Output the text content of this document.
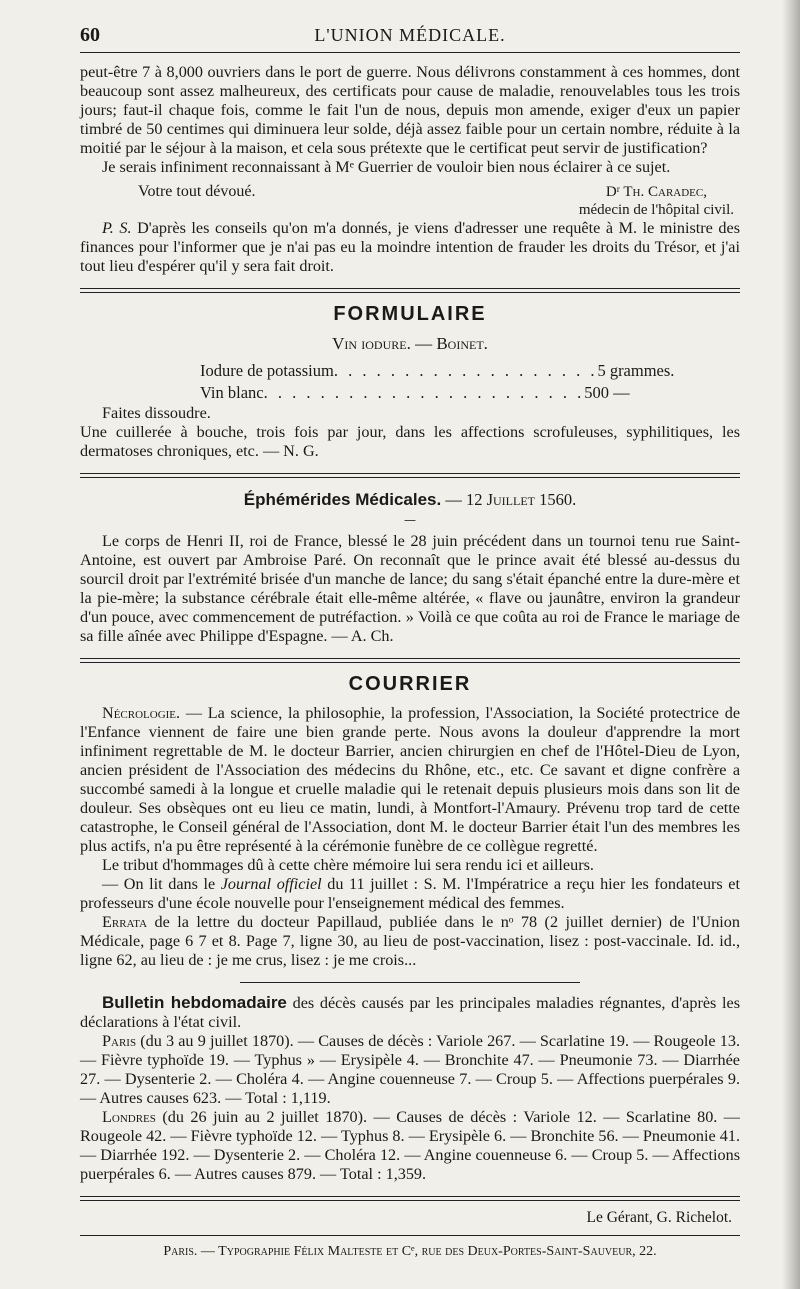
60	L'UNION MÉDICALE.

peut-être 7 à 8,000 ouvriers dans le port de guerre. Nous délivrons constamment à ces hommes, dont beaucoup sont assez malheureux, des certificats pour cause de maladie, renouvelables tous les trois jours; faut-il chaque fois, comme le fait l'un de nous, depuis mon amende, exiger d'eux un papier timbré de 50 centimes qui diminuera leur solde, déjà assez faible pour un certain nombre, réduite à la moitié par le séjour à la maison, et cela sous prétexte que le certificat peut servir de justification?

Je serais infiniment reconnaissant à Mᵉ Guerrier de vouloir bien nous éclairer à ce sujet.

Votre tout dévoué.	Dʳ Th. Caradec,
médecin de l'hôpital civil.

P. S. D'après les conseils qu'on m'a donnés, je viens d'adresser une requête à M. le ministre des finances pour l'informer que je n'ai pas eu la moindre intention de frauder les droits du Trésor, et j'ai tout lieu d'espérer qu'il y sera fait droit.

FORMULAIRE
Vin iodure. — Boinet.
Iodure de potassium . . . . . . . . . . . . . . . . . . . 5 grammes.
Vin blanc . . . . . . . . . . . . . . . . . . . . . . . 500 —
Faites dissoudre.

Une cuillerée à bouche, trois fois par jour, dans les affections scrofuleuses, syphilitiques, les dermatoses chroniques, etc. — N. G.

Éphémérides Médicales. — 12 Juillet 1560.
—

Le corps de Henri II, roi de France, blessé le 28 juin précédent dans un tournoi tenu rue Saint-Antoine, est ouvert par Ambroise Paré. On reconnaît que le prince avait été blessé au-dessus du sourcil droit par l'extrémité brisée d'un manche de lance; du sang s'était épanché entre la dure-mère et la pie-mère; la substance cérébrale était elle-même altérée, « flave ou jaunâtre, environ la grandeur d'un pouce, avec commencement de putréfaction. » Voilà ce que coûta au roi de France le mariage de sa fille aînée avec Philippe d'Espagne. — A. Ch.

COURRIER

Nécrologie. — La science, la philosophie, la profession, l'Association, la Société protectrice de l'Enfance viennent de faire une bien grande perte. Nous avons la douleur d'apprendre la mort infiniment regrettable de M. le docteur Barrier, ancien chirurgien en chef de l'Hôtel-Dieu de Lyon, ancien président de l'Association des médecins du Rhône, etc., etc. Ce savant et digne confrère a succombé samedi à la longue et cruelle maladie qui le retenait depuis plusieurs mois dans son lit de douleur. Ses obsèques ont eu lieu ce matin, lundi, à Montfort-l'Amaury. Prévenu trop tard de cette catastrophe, le Conseil général de l'Association, dont M. le docteur Barrier était l'un des membres les plus actifs, n'a pu être représenté à la cérémonie funèbre de ce collègue regretté.

Le tribut d'hommages dû à cette chère mémoire lui sera rendu ici et ailleurs.

— On lit dans le Journal officiel du 11 juillet : S. M. l'Impératrice a reçu hier les fondateurs et professeurs d'une école nouvelle pour l'enseignement médical des femmes.

Errata de la lettre du docteur Papillaud, publiée dans le nᵒ 78 (2 juillet dernier) de l'Union Médicale, page 6 7 et 8. Page 7, ligne 30, au lieu de post-vaccination, lisez : post-vaccinale. Id. id., ligne 62, au lieu de : je me crus, lisez : je me crois...

Bulletin hebdomadaire des décès causés par les principales maladies régnantes, d'après les déclarations à l'état civil.

Paris (du 3 au 9 juillet 1870). — Causes de décès : Variole 267. — Scarlatine 19. — Rougeole 13. — Fièvre typhoïde 19. — Typhus » — Erysipèle 4. — Bronchite 47. — Pneumonie 73. — Diarrhée 27. — Dysenterie 2. — Choléra 4. — Angine couenneuse 7. — Croup 5. — Affections puerpérales 9. — Autres causes 623. — Total : 1,119.

Londres (du 26 juin au 2 juillet 1870). — Causes de décès : Variole 12. — Scarlatine 80. — Rougeole 42. — Fièvre typhoïde 12. — Typhus 8. — Erysipèle 6. — Bronchite 56. — Pneumonie 41. — Diarrhée 192. — Dysenterie 2. — Choléra 12. — Angine couenneuse 6. — Croup 5. — Affections puerpérales 6. — Autres causes 879. — Total : 1,359.

Le Gérant, G. Richelot.
Paris. — Typographie Félix Malteste et Cᵉ, rue des Deux-Portes-Saint-Sauveur, 22.
